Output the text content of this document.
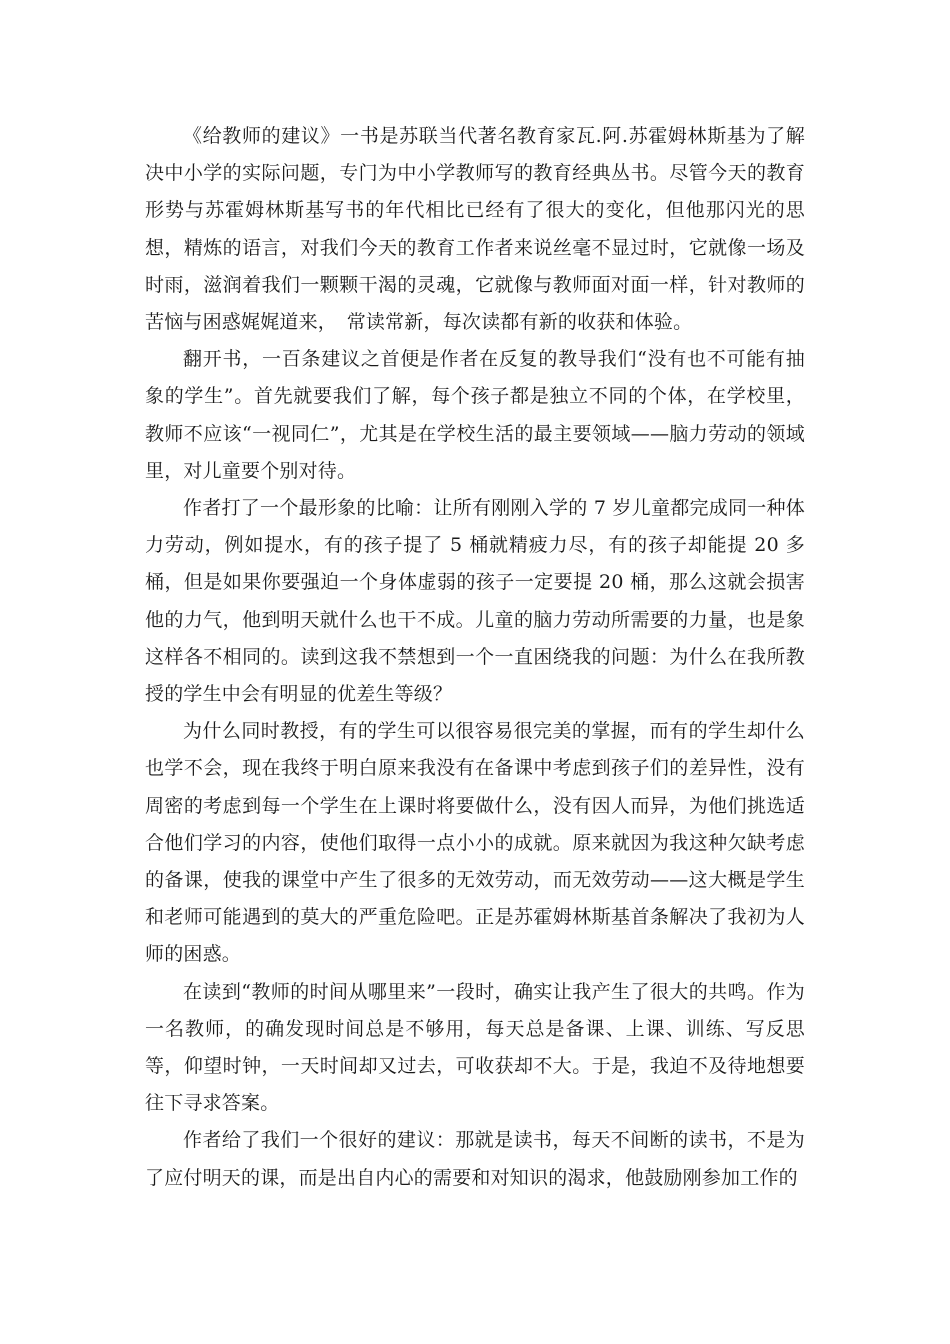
《给教师的建议》一书是苏联当代著名教育家瓦.阿.苏霍姆林斯基为了解决中小学的实际问题，专门为中小学教师写的教育经典丛书。尽管今天的教育形势与苏霍姆林斯基写书的年代相比已经有了很大的变化，但他那闪光的思想，精炼的语言，对我们今天的教育工作者来说丝毫不显过时，它就像一场及时雨，滋润着我们一颗颗干渴的灵魂，它就像与教师面对面一样，针对教师的苦恼与困惑娓娓道来，　常读常新，每次读都有新的收获和体验。

翻开书，一百条建议之首便是作者在反复的教导我们“没有也不可能有抽象的学生”。首先就要我们了解，每个孩子都是独立不同的个体，在学校里，教师不应该“一视同仁”，尤其是在学校生活的最主要领域——脑力劳动的领域里，对儿童要个别对待。

作者打了一个最形象的比喻：让所有刚刚入学的 7 岁儿童都完成同一种体力劳动，例如提水，有的孩子提了 5 桶就精疲力尽，有的孩子却能提 20 多桶，但是如果你要强迫一个身体虚弱的孩子一定要提 20 桶，那么这就会损害他的力气，他到明天就什么也干不成。儿童的脑力劳动所需要的力量，也是象这样各不相同的。读到这我不禁想到一个一直困绕我的问题：为什么在我所教授的学生中会有明显的优差生等级？

为什么同时教授，有的学生可以很容易很完美的掌握，而有的学生却什么也学不会，现在我终于明白原来我没有在备课中考虑到孩子们的差异性，没有周密的考虑到每一个学生在上课时将要做什么，没有因人而异，为他们挑选适合他们学习的内容，使他们取得一点小小的成就。原来就因为我这种欠缺考虑的备课，使我的课堂中产生了很多的无效劳动，而无效劳动——这大概是学生和老师可能遇到的莫大的严重危险吧。正是苏霍姆林斯基首条解决了我初为人师的困惑。

在读到“教师的时间从哪里来”一段时，确实让我产生了很大的共鸣。作为一名教师，的确发现时间总是不够用，每天总是备课、上课、训练、写反思等，仰望时钟，一天时间却又过去，可收获却不大。于是，我迫不及待地想要往下寻求答案。

作者给了我们一个很好的建议：那就是读书，每天不间断的读书，不是为了应付明天的课，而是出自内心的需要和对知识的渴求，他鼓励刚参加工作的
